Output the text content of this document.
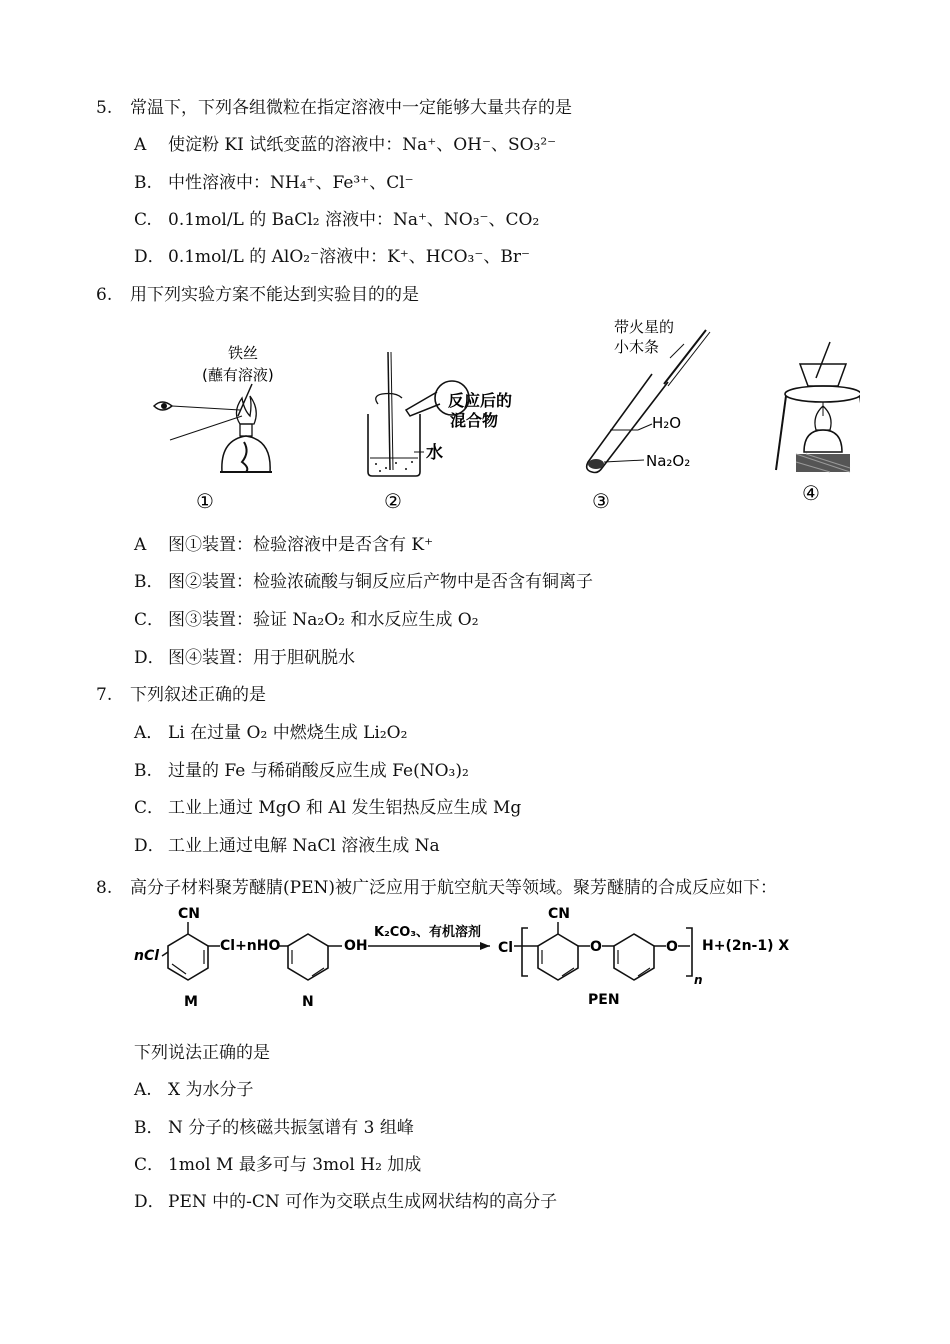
5. 常温下，下列各组微粒在指定溶液中一定能够大量共存的是
A 使淀粉 KI 试纸变蓝的溶液中：Na⁺、OH⁻、SO₃²⁻
B. 中性溶液中：NH₄⁺、Fe³⁺、Cl⁻
C. 0.1mol/L 的 BaCl₂ 溶液中：Na⁺、NO₃⁻、CO₂
D． 0.1mol/L 的 AlO₂⁻溶液中：K⁺、HCO₃⁻、Br⁻
6. 用下列实验方案不能达到实验目的的是
铁丝
(蘸有溶液)
反应后的
混合物
水
带火星的
小木条
H₂O
Na₂O₂
①	②	③	④
A 图①装置：检验溶液中是否含有 K⁺
B． 图②装置：检验浓硫酸与铜反应后产物中是否含有铜离子
C． 图③装置：验证 Na₂O₂ 和水反应生成 O₂
D． 图④装置：用于胆矾脱水
7. 下列叙述正确的是
A． Li 在过量 O₂ 中燃烧生成 Li₂O₂
B. 过量的 Fe 与稀硝酸反应生成 Fe(NO₃)₂
C． 工业上通过 MgO 和 Al 发生铝热反应生成 Mg
D． 工业上通过电解 NaCl 溶液生成 Na
8. 高分子材料聚芳醚腈(PEN)被广泛应用于航空航天等领域。聚芳醚腈的合成反应如下：
nCl
CN
Cl+nHO
M
OH
N
K₂CO₃、有机溶剂
Cl
CN
O	O
n
H+(2n-1) X
PEN
下列说法正确的是
A. X 为水分子
B． N 分子的核磁共振氢谱有 3 组峰
C． 1mol M 最多可与 3mol H₂ 加成
D． PEN 中的-CN 可作为交联点生成网状结构的高分子
